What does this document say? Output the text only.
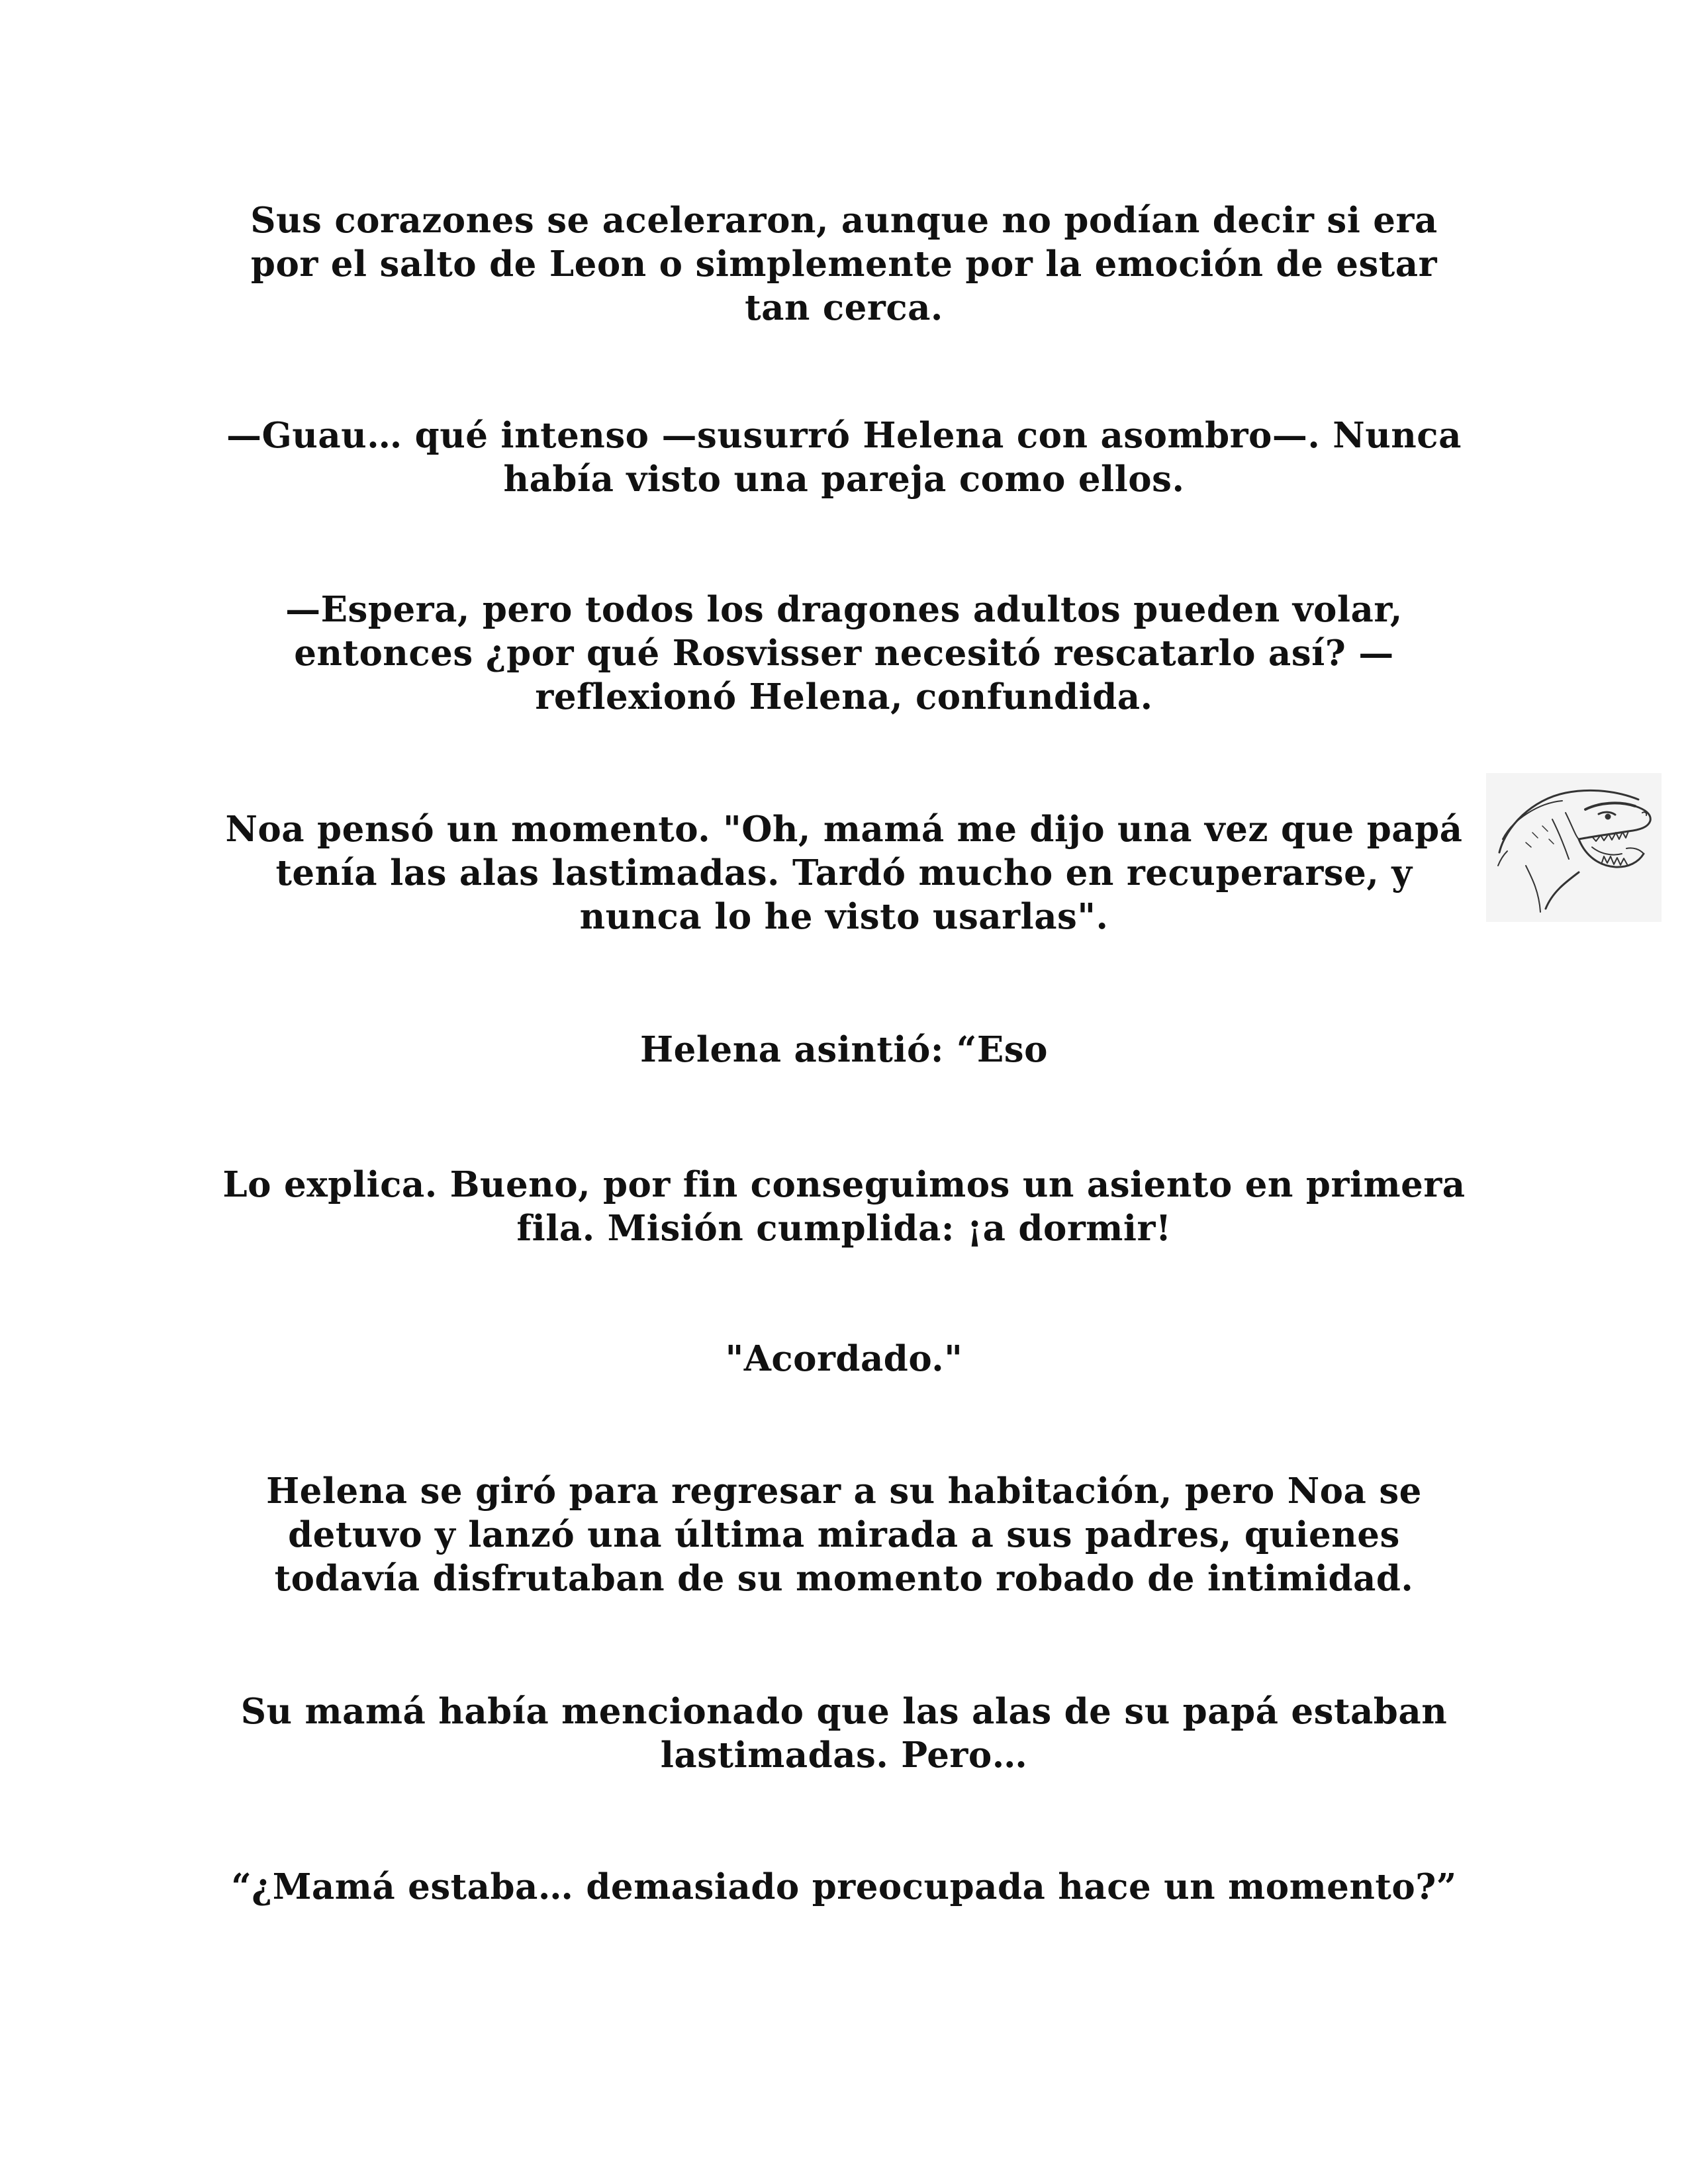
Sus corazones se aceleraron, aunque no podían decir si era por el salto de Leon o simplemente por la emoción de estar tan cerca.

—Guau… qué intenso —susurró Helena con asombro—. Nunca había visto una pareja como ellos.

—Espera, pero todos los dragones adultos pueden volar, entonces ¿por qué Rosvisser necesitó rescatarlo así? —reflexionó Helena, confundida.

Noa pensó un momento. "Oh, mamá me dijo una vez que papá tenía las alas lastimadas. Tardó mucho en recuperarse, y nunca lo he visto usarlas".

Helena asintió: “Eso

Lo explica. Bueno, por fin conseguimos un asiento en primera fila. Misión cumplida: ¡a dormir!

"Acordado."

Helena se giró para regresar a su habitación, pero Noa se detuvo y lanzó una última mirada a sus padres, quienes todavía disfrutaban de su momento robado de intimidad.

Su mamá había mencionado que las alas de su papá estaban lastimadas. Pero…

“¿Mamá estaba… demasiado preocupada hace un momento?”
